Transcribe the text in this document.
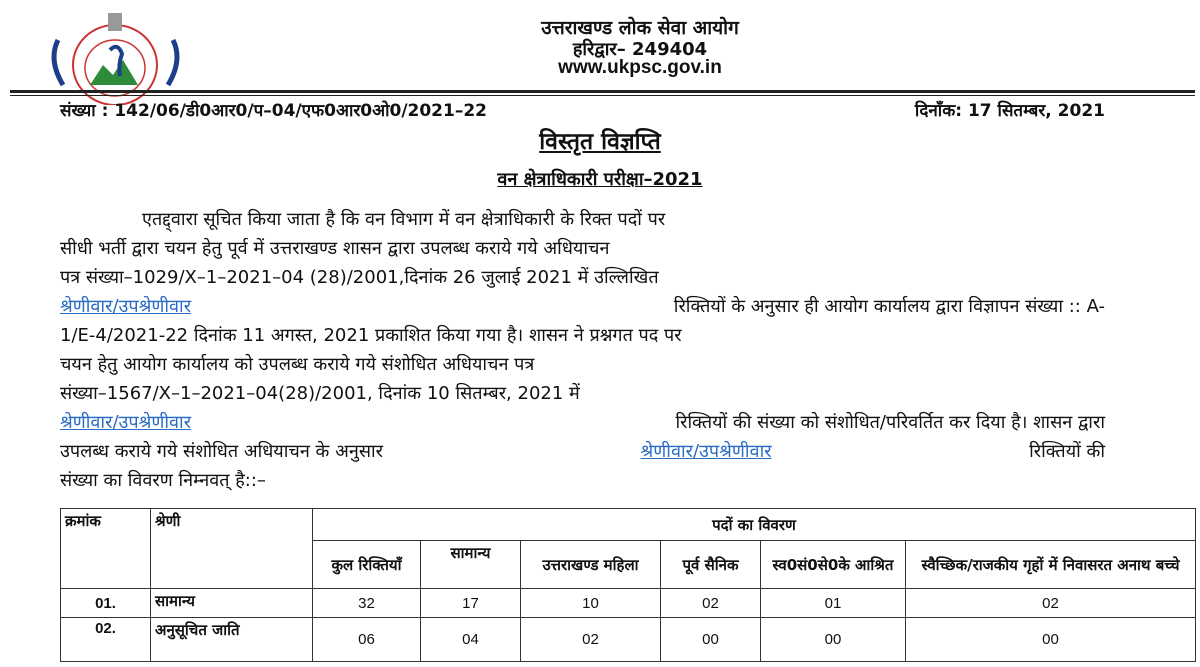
उत्तराखण्ड लोक सेवा आयोग
हरिद्वार– 249404
www.ukpsc.gov.in
संख्या : 142/06/डी0आर0/प–04/एफ0आर0ओ0/2021–22	दिनाँक: 17 सितम्बर, 2021
विस्तृत विज्ञप्ति
वन क्षेत्राधिकारी परीक्षा–2021
एतद्द्वारा सूचित किया जाता है कि वन विभाग में वन क्षेत्राधिकारी के रिक्त पदों पर
सीधी भर्ती द्वारा चयन हेतु पूर्व में उत्तराखण्ड शासन द्वारा उपलब्ध कराये गये अधियाचन
पत्र संख्या–1029/X–1–2021–04 (28)/2001,दिनांक 26 जुलाई 2021 में उल्लिखित
श्रेणीवार/उपश्रेणीवार	रिक्तियों के अनुसार ही आयोग कार्यालय द्वारा विज्ञापन संख्या :: A-
1/E-4/2021-22 दिनांक 11 अगस्त, 2021 प्रकाशित किया गया है। शासन ने प्रश्नगत पद पर
चयन हेतु आयोग कार्यालय को उपलब्ध कराये गये संशोधित अधियाचन पत्र
संख्या–1567/X–1–2021–04(28)/2001, दिनांक 10 सितम्बर, 2021 में
श्रेणीवार/उपश्रेणीवार	रिक्तियों की संख्या को संशोधित/परिवर्तित कर दिया है। शासन द्वारा
उपलब्ध कराये गये संशोधित अधियाचन के अनुसार	श्रेणीवार/उपश्रेणीवार	रिक्तियों की
संख्या का विवरण निम्नवत् है::–
क्रमांक	श्रेणी	पदों का विवरण					
		कुल रिक्तियाँ	सामान्य	उत्तराखण्ड महिला	पूर्व सैनिक	स्व0सं0से0के आश्रित	स्वैच्छिक/राजकीय गृहों में निवासरत अनाथ बच्चे
01.	सामान्य	32	17	10	02	01	02
02.	अनुसूचित जाति	06	04	02	00	00	00
